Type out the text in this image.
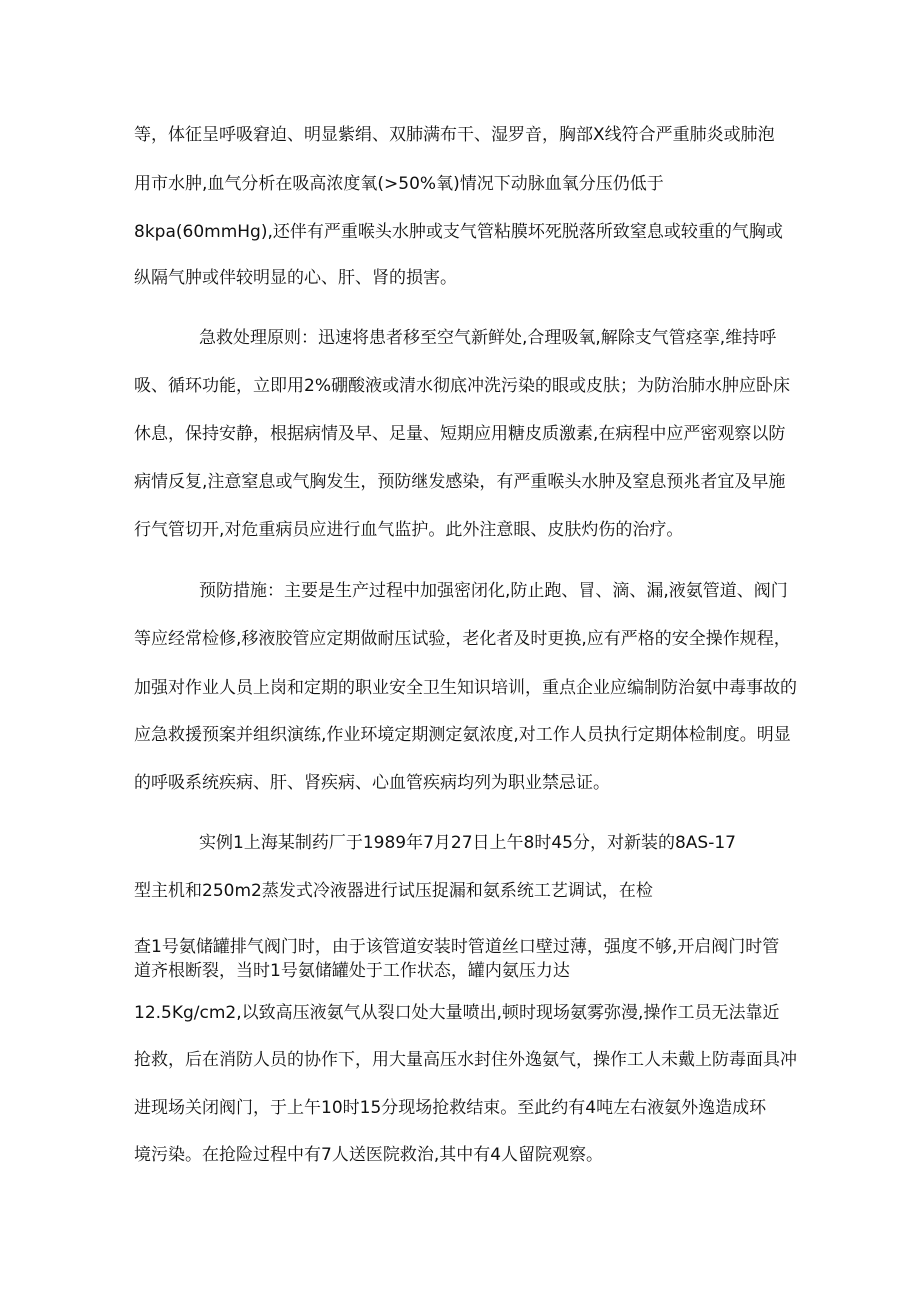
等，体征呈呼吸窘迫、明显紫绢、双肺满布干、湿罗音，胸部X线符合严重肺炎或肺泡

用市水肿,血气分析在吸高浓度氧(>50%氧)情况下动脉血氧分压仍低于

8kpa(60mmHg),还伴有严重喉头水肿或支气管粘膜坏死脱落所致窒息或较重的气胸或

纵隔气肿或伴较明显的心、肝、肾的损害。

急救处理原则：迅速将患者移至空气新鲜处,合理吸氧,解除支气管痉挛,维持呼

吸、循环功能，立即用2%硼酸液或清水彻底冲洗污染的眼或皮肤；为防治肺水肿应卧床

休息，保持安静，根据病情及早、足量、短期应用糖皮质激素,在病程中应严密观察以防

病情反复,注意窒息或气胸发生，预防继发感染，有严重喉头水肿及窒息预兆者宜及早施

行气管切开,对危重病员应进行血气监护。此外注意眼、皮肤灼伤的治疗。

预防措施：主要是生产过程中加强密闭化,防止跑、冒、滴、漏,液氨管道、阀门

等应经常检修,移液胶管应定期做耐压试验，老化者及时更换,应有严格的安全操作规程，

加强对作业人员上岗和定期的职业安全卫生知识培训，重点企业应编制防治氨中毒事故的

应急救援预案并组织演练,作业环境定期测定氨浓度,对工作人员执行定期体检制度。明显

的呼吸系统疾病、肝、肾疾病、心血管疾病均列为职业禁忌证。

实例1上海某制药厂于1989年7月27日上午8时45分，对新装的8AS-17

型主机和250m2蒸发式冷液器进行试压捉漏和氨系统工艺调试，在检

查1号氨储罐排气阀门时，由于该管道安装时管道丝口壁过薄，强度不够,开启阀门时管

道齐根断裂，当时1号氨储罐处于工作状态，罐内氨压力达

12.5Kg∕cm2,以致高压液氨气从裂口处大量喷出,顿时现场氨雾弥漫,操作工员无法靠近

抢救，后在消防人员的协作下，用大量高压水封住外逸氨气，操作工人未戴上防毒面具冲

进现场关闭阀门，于上午10时15分现场抢救结束。至此约有4吨左右液氨外逸造成环

境污染。在抢险过程中有7人送医院救治,其中有4人留院观察。
